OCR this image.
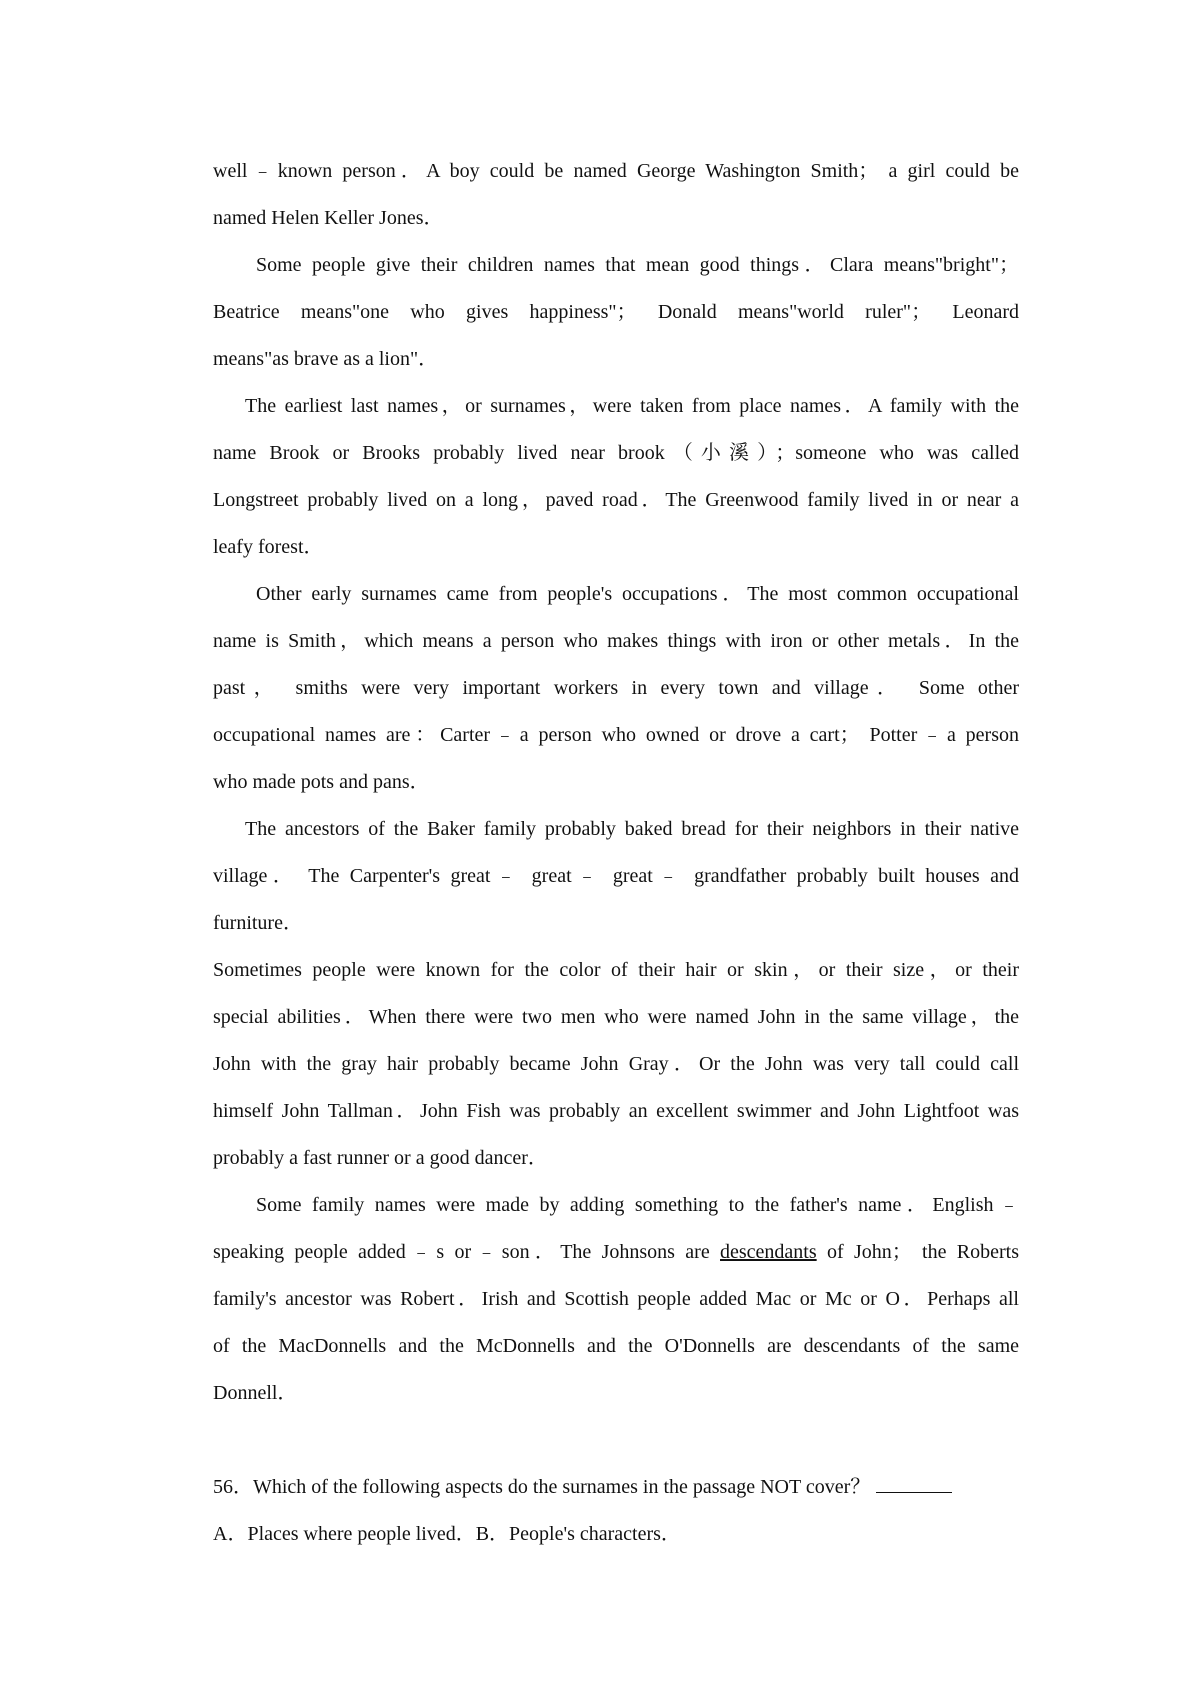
well﹣known person．A boy could be named George Washington Smith； a girl could be
named Helen Keller Jones．
Some people give their children names that mean good things．Clara means"bright"；
Beatrice means"one who gives happiness"； Donald means"world ruler"； Leonard
means"as brave as a lion"．
The earliest last names，or surnames，were taken from place names．A family with the
name Brook or Brooks probably lived near brook（小溪）；someone who was called
Longstreet probably lived on a long，paved road．The Greenwood family lived in or near a
leafy forest．
Other early surnames came from people's occupations．The most common occupational
name is Smith，which means a person who makes things with iron or other metals．In the
past， smiths were very important workers in every town and village． Some other
occupational names are：Carter﹣a person who owned or drove a cart； Potter﹣a person
who made pots and pans．
The ancestors of the Baker family probably baked bread for their neighbors in their native
village． The Carpenter's great﹣ great﹣ great﹣ grandfather probably built houses and
furniture．
Sometimes people were known for the color of their hair or skin，or their size，or their
special abilities．When there were two men who were named John in the same village，the
John with the gray hair probably became John Gray．Or the John was very tall could call
himself John Tallman．John Fish was probably an excellent swimmer and John Lightfoot was
probably a fast runner or a good dancer．
Some family names were made by adding something to the father's name．English﹣
speaking people added﹣s or﹣son．The Johnsons are descendants of John； the Roberts
family's ancestor was Robert．Irish and Scottish people added Mac or Mc or O．Perhaps all
of the MacDonnells and the McDonnells and the O'Donnells are descendants of the same
Donnell．
56．Which of the following aspects do the surnames in the passage NOT cover？
A．Places where people lived．B．People's characters．
